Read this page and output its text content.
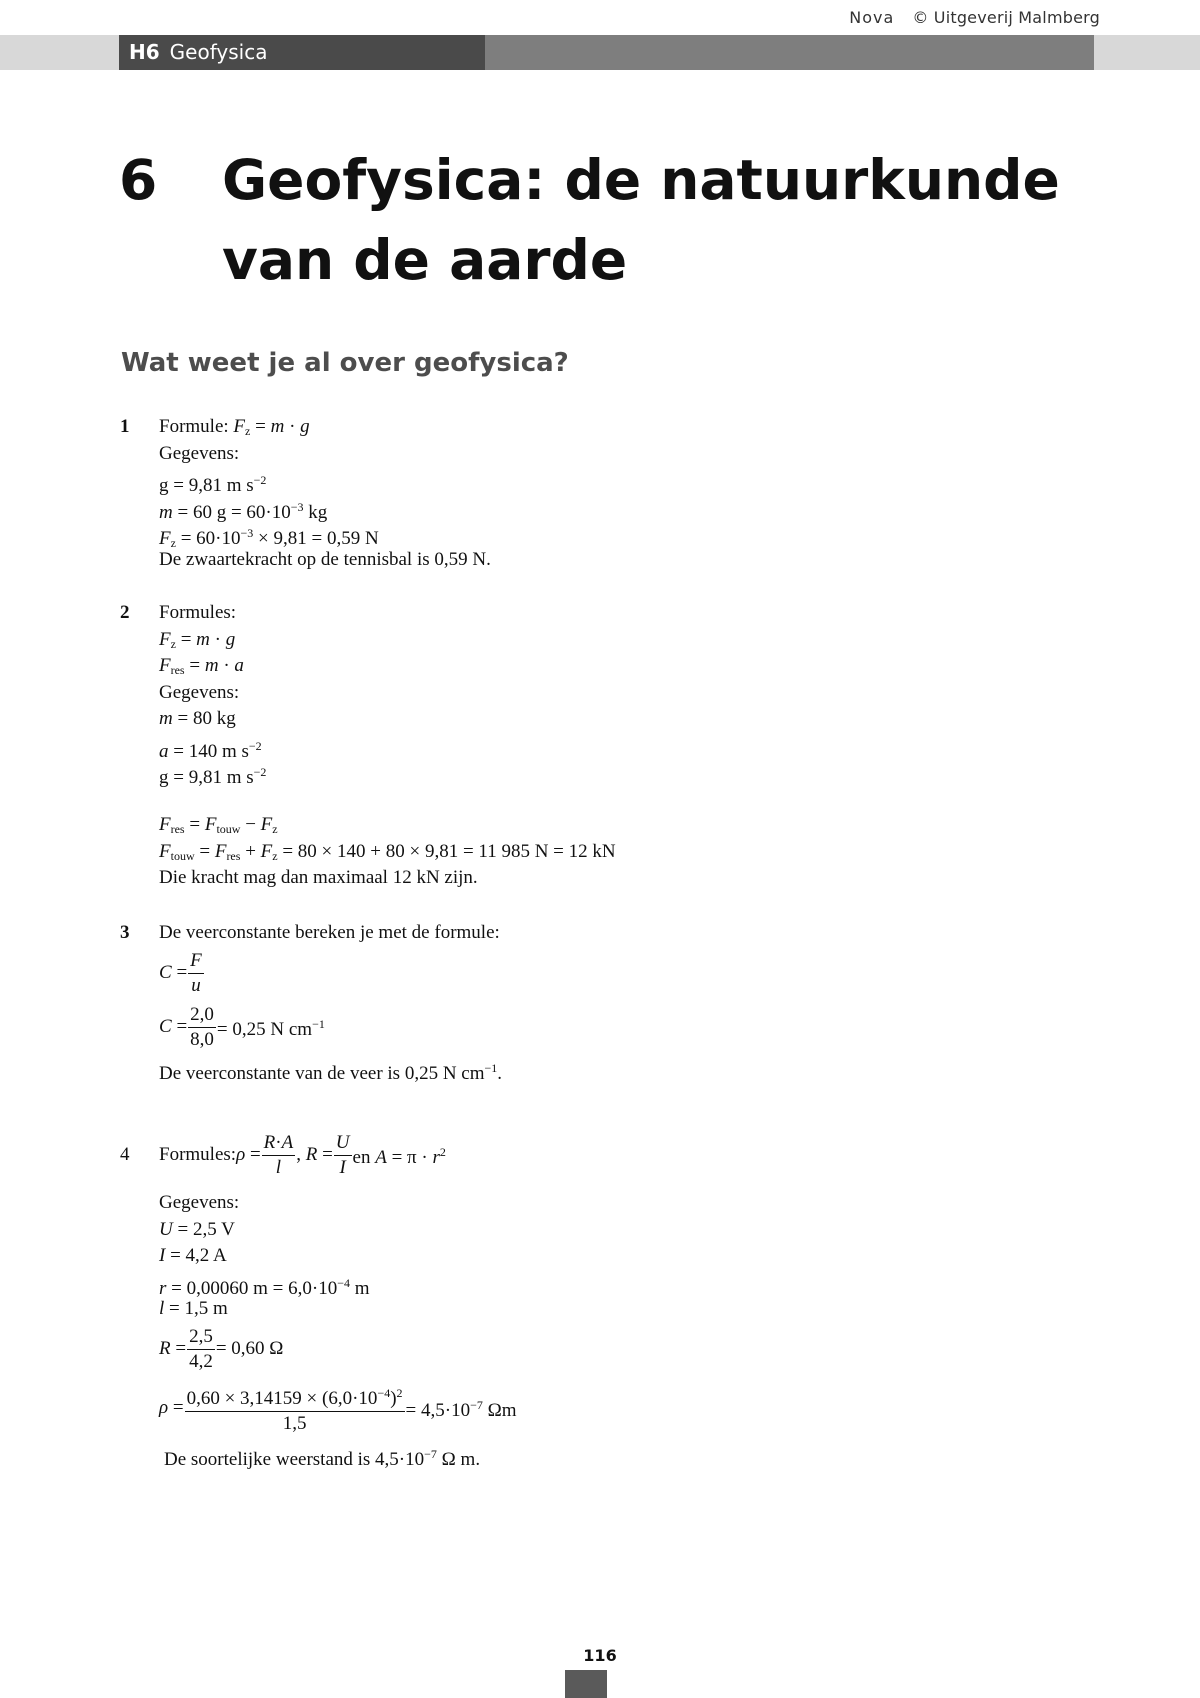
Nova © Uitgeverij Malmberg
H6 Geofysica
6 Geofysica: de natuurkunde van de aarde
Wat weet je al over geofysica?
1 Formule: $F_z = m \cdot g$
Gegevens:
g = 9,81 m $s^{-2}$
m = 60 $g = 60\cdot 10^{-3}$ kg
$F_z = 60\cdot 10^{-3} \times 9,81 = 0,59$ N
De zwaartekracht op de tennisbal is 0,59 N.
2 Formules:
$F_z = m \cdot g$
$F_{res} = m \cdot a$
Gegevens:
m = 80 kg
a = 140 m $s^{-2}$
g = 9,81 m $s^{-2}$
$F_{res} = F_{touw} - F_z$
$F_{touw} = F_{res} + F_z = 80 \times 140 + 80 \times 9,81 = 11$ 985 N = 12 kN
Die kracht mag dan maximaal 12 kN zijn.
3 De veerconstante bereken je met de formule:
$C = \frac{F}{u}$
$C = \frac{2,0}{8,0} = 0,25$ N $cm^{-1}$
De veerconstante van de veer is 0,25 N $cm^{-1}$.
4 Formules: $\rho = \frac{R\cdot A}{l}$ , $R = \frac{U}{I}$ en $A = \pi \cdot r^2$
Gegevens:
U = 2,5 V
I = 4,2 A
r = 0,00060 $m = 6,0\cdot 10^{-4}$ m
l = 1,5 m
$R = \frac{2,5}{4,2} = 0,60$ Ω
$\rho = \frac{0,60 \times 3,14159 \times (6,0\cdot 10^{-4})^2}{1,5} = 4,5\cdot 10^{-7}$ Ωm
De soortelijke weerstand is $4,5\cdot 10^{-7}$ Ω m.
116
